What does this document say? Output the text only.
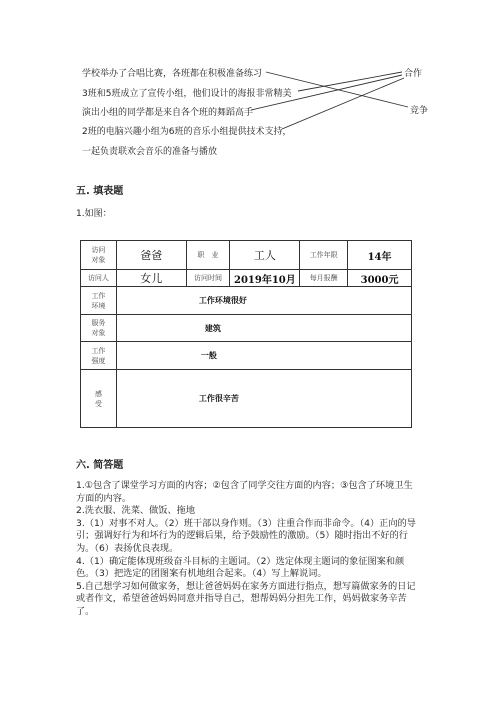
学校举办了合唱比赛，各班都在积极准备练习
3班和5班成立了宣传小组，他们设计的海报非常精美
演出小组的同学都是来自各个班的舞蹈高手
2班的电脑兴趣小组为6班的音乐小组提供技术支持，
一起负责联欢会音乐的准备与播放
合作
竞争
五. 填表题
1.如图：
访问
对象	爸爸	职　业	工人	工作年限	14年
访问人	女儿	访问时间	2019年10月	每月报酬	3000元
工作
环境	工作环境很好				
服务
对象	建筑				
工作
强度	一般				
感
受	工作很辛苦				
六. 简答题

1.①包含了课堂学习方面的内容；②包含了同学交往方面的内容；③包含了环境卫生方面的内容。

2.洗衣服、洗菜、做饭、拖地

3.（1）对事不对人。（2）班干部以身作则。（3）注重合作而非命令。（4）正向的导引；强调好行为和坏行为的逻辑后果，给予鼓励性的激励。（5）随时指出不好的行为。（6）表扬优良表现。

4.（1）确定能体现班级奋斗目标的主题词。（2）选定体现主题词的象征图案和颜色。（3）把选定的团图案有机地组合起来。（4）写上解说词。

5.自己想学习如何做家务，想让爸爸妈妈在家务方面进行指点，想写篇做家务的日记或者作文，希望爸爸妈妈同意并指导自己，想帮妈妈分担先工作，妈妈做家务辛苦了。
